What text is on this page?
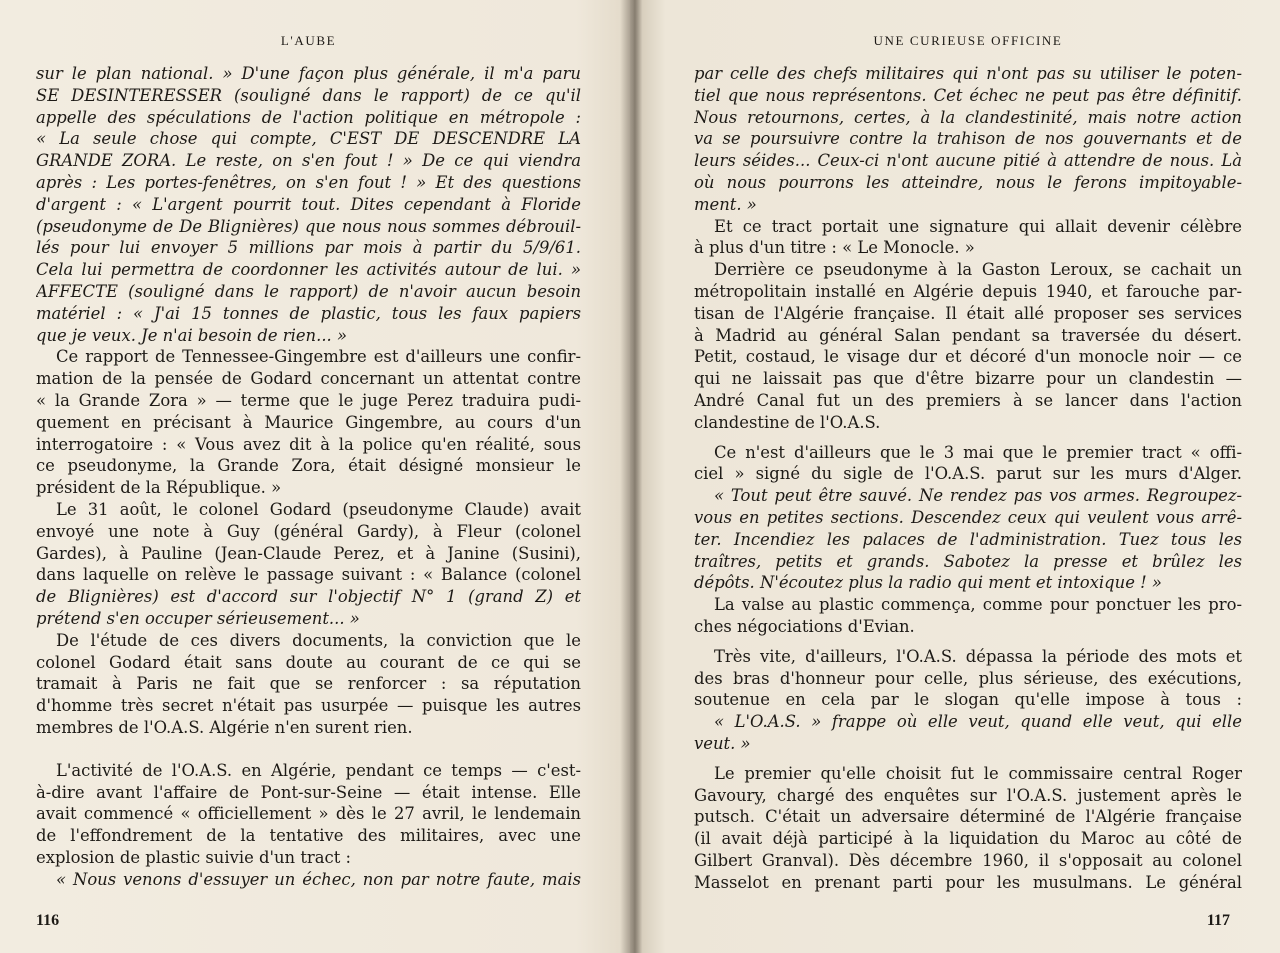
L'AUBE
sur le plan national. » D'une façon plus générale, il m'a paru
SE DESINTERESSER (souligné dans le rapport) de ce qu'il
appelle des spéculations de l'action politique en métropole :
« La seule chose qui compte, C'EST DE DESCENDRE LA
GRANDE ZORA. Le reste, on s'en fout ! » De ce qui viendra
après : Les portes-fenêtres, on s'en fout ! » Et des questions
d'argent : « L'argent pourrit tout. Dites cependant à Floride
(pseudonyme de De Blignières) que nous nous sommes débrouil-
lés pour lui envoyer 5 millions par mois à partir du 5/9/61.
Cela lui permettra de coordonner les activités autour de lui. »
AFFECTE (souligné dans le rapport) de n'avoir aucun besoin
matériel : « J'ai 15 tonnes de plastic, tous les faux papiers
que je veux. Je n'ai besoin de rien... »
Ce rapport de Tennessee-Gingembre est d'ailleurs une confir-
mation de la pensée de Godard concernant un attentat contre
« la Grande Zora » — terme que le juge Perez traduira pudi-
quement en précisant à Maurice Gingembre, au cours d'un
interrogatoire : « Vous avez dit à la police qu'en réalité, sous
ce pseudonyme, la Grande Zora, était désigné monsieur le
président de la République. »
Le 31 août, le colonel Godard (pseudonyme Claude) avait
envoyé une note à Guy (général Gardy), à Fleur (colonel
Gardes), à Pauline (Jean-Claude Perez, et à Janine (Susini),
dans laquelle on relève le passage suivant : « Balance (colonel
de Blignières) est d'accord sur l'objectif N° 1 (grand Z) et
prétend s'en occuper sérieusement... »
De l'étude de ces divers documents, la conviction que le
colonel Godard était sans doute au courant de ce qui se
tramait à Paris ne fait que se renforcer : sa réputation
d'homme très secret n'était pas usurpée — puisque les autres
membres de l'O.A.S. Algérie n'en surent rien.
L'activité de l'O.A.S. en Algérie, pendant ce temps — c'est-
à-dire avant l'affaire de Pont-sur-Seine — était intense. Elle
avait commencé « officiellement » dès le 27 avril, le lendemain
de l'effondrement de la tentative des militaires, avec une
explosion de plastic suivie d'un tract :
« Nous venons d'essuyer un échec, non par notre faute, mais
116
UNE CURIEUSE OFFICINE
par celle des chefs militaires qui n'ont pas su utiliser le poten-
tiel que nous représentons. Cet échec ne peut pas être définitif.
Nous retournons, certes, à la clandestinité, mais notre action
va se poursuivre contre la trahison de nos gouvernants et de
leurs séides... Ceux-ci n'ont aucune pitié à attendre de nous. Là
où nous pourrons les atteindre, nous le ferons impitoyable-
ment. »
Et ce tract portait une signature qui allait devenir célèbre
à plus d'un titre : « Le Monocle. »
Derrière ce pseudonyme à la Gaston Leroux, se cachait un
métropolitain installé en Algérie depuis 1940, et farouche par-
tisan de l'Algérie française. Il était allé proposer ses services
à Madrid au général Salan pendant sa traversée du désert.
Petit, costaud, le visage dur et décoré d'un monocle noir — ce
qui ne laissait pas que d'être bizarre pour un clandestin —
André Canal fut un des premiers à se lancer dans l'action
clandestine de l'O.A.S.
Ce n'est d'ailleurs que le 3 mai que le premier tract « offi-
ciel » signé du sigle de l'O.A.S. parut sur les murs d'Alger.
« Tout peut être sauvé. Ne rendez pas vos armes. Regroupez-
vous en petites sections. Descendez ceux qui veulent vous arrê-
ter. Incendiez les palaces de l'administration. Tuez tous les
traîtres, petits et grands. Sabotez la presse et brûlez les
dépôts. N'écoutez plus la radio qui ment et intoxique ! »
La valse au plastic commença, comme pour ponctuer les pro-
ches négociations d'Evian.
Très vite, d'ailleurs, l'O.A.S. dépassa la période des mots et
des bras d'honneur pour celle, plus sérieuse, des exécutions,
soutenue en cela par le slogan qu'elle impose à tous :
« L'O.A.S. » frappe où elle veut, quand elle veut, qui elle
veut. »
Le premier qu'elle choisit fut le commissaire central Roger
Gavoury, chargé des enquêtes sur l'O.A.S. justement après le
putsch. C'était un adversaire déterminé de l'Algérie française
(il avait déjà participé à la liquidation du Maroc au côté de
Gilbert Granval). Dès décembre 1960, il s'opposait au colonel
Masselot en prenant parti pour les musulmans. Le général
117
